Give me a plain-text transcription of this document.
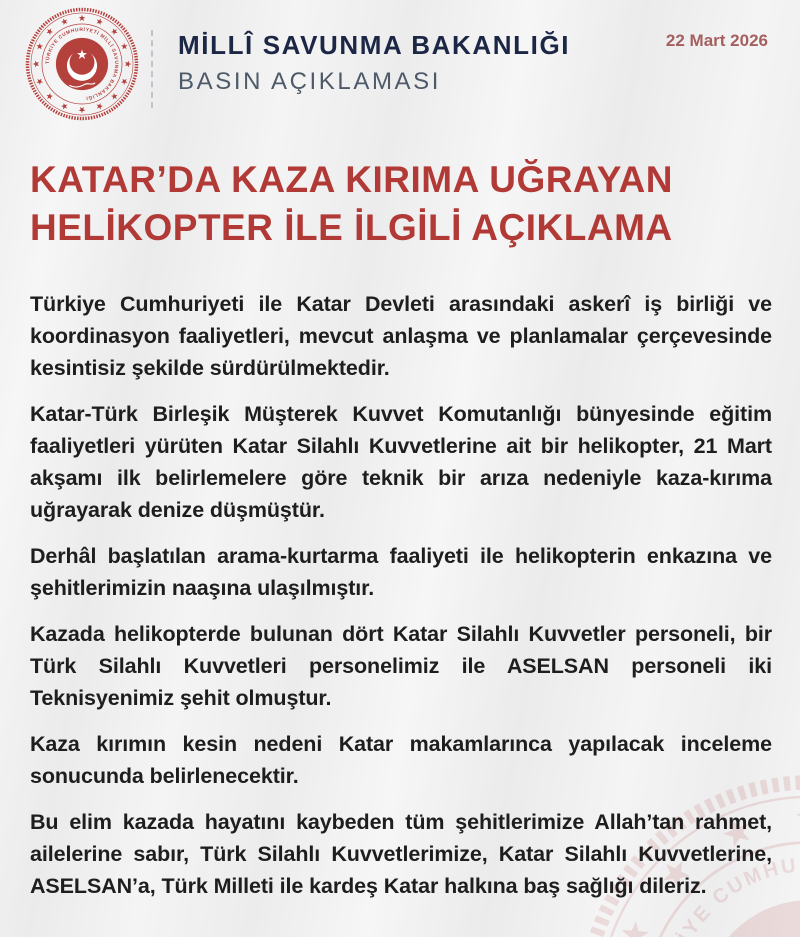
MİLLÎ SAVUNMA BAKANLIĞI
BASIN AÇIKLAMASI
22 Mart 2026
KATAR’DA KAZA KIRIMA UĞRAYAN
HELİKOPTER İLE İLGİLİ AÇIKLAMA

Türkiye Cumhuriyeti ile Katar Devleti arasındaki askerî iş birliği ve koordinasyon faaliyetleri, mevcut anlaşma ve planlamalar çerçevesinde kesintisiz şekilde sürdürülmektedir.

Katar-Türk Birleşik Müşterek Kuvvet Komutanlığı bünyesinde eğitim faaliyetleri yürüten Katar Silahlı Kuvvetlerine ait bir helikopter, 21 Mart akşamı ilk belirlemelere göre teknik bir arıza nedeniyle kaza-kırıma uğrayarak denize düşmüştür.

Derhâl başlatılan arama-kurtarma faaliyeti ile helikopterin enkazına ve şehitlerimizin naaşına ulaşılmıştır.

Kazada helikopterde bulunan dört Katar Silahlı Kuvvetler personeli, bir Türk Silahlı Kuvvetleri personelimiz ile ASELSAN personeli iki Teknisyenimiz şehit olmuştur.

Kaza kırımın kesin nedeni Katar makamlarınca yapılacak inceleme sonucunda belirlenecektir.

Bu elim kazada hayatını kaybeden tüm şehitlerimize Allah’tan rahmet, ailelerine sabır, Türk Silahlı Kuvvetlerimize, Katar Silahlı Kuvvetlerine, ASELSAN’a, Türk Milleti ile kardeş Katar halkına baş sağlığı dileriz.
